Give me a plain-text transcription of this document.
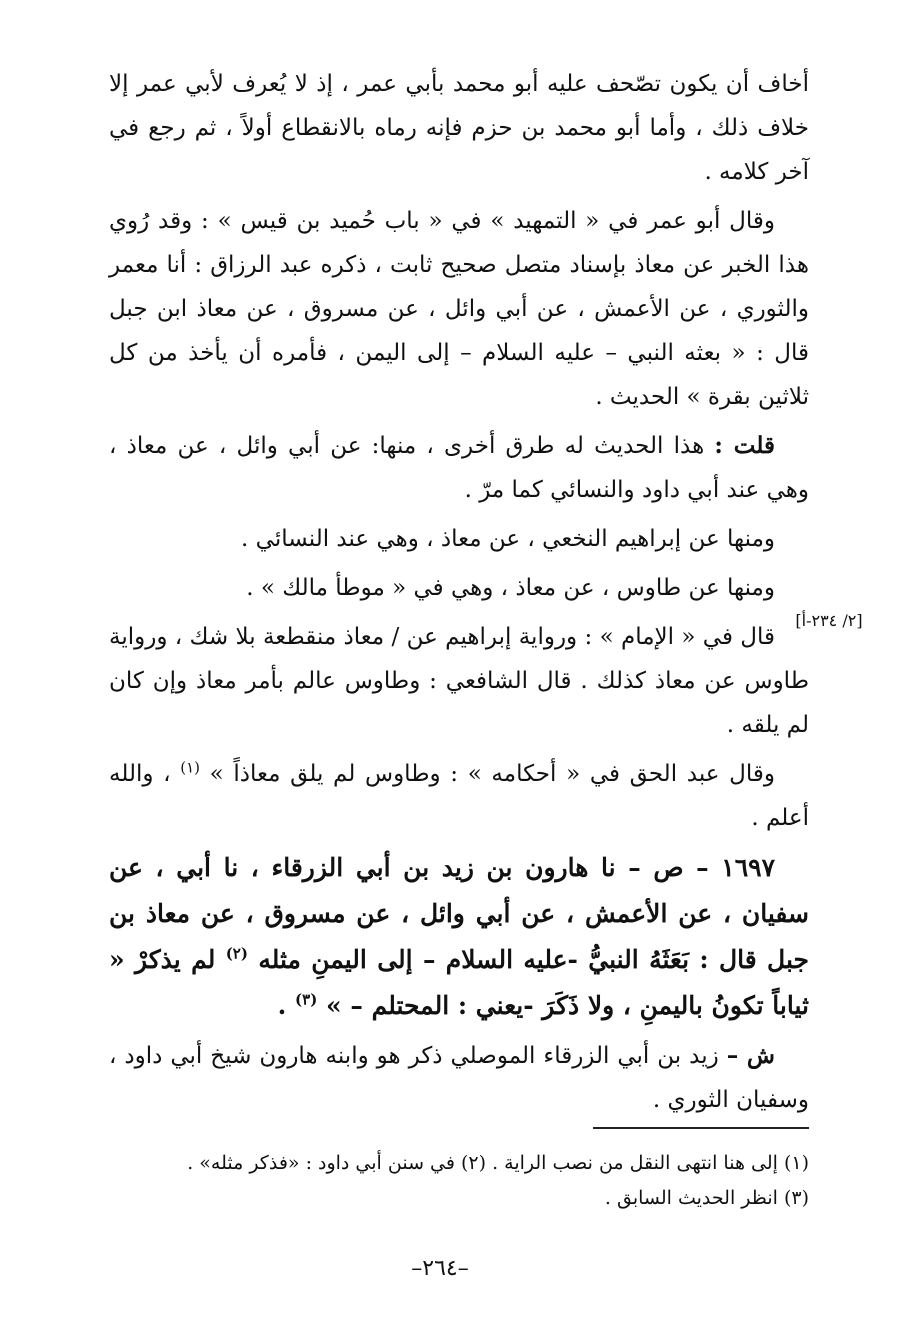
أخاف أن يكون تصّحف عليه أبو محمد بأبي عمر ، إذ لا يُعرف لأبي عمر إلا خلاف ذلك ، وأما أبو محمد بن حزم فإنه رماه بالانقطاع أولاً ، ثم رجع في آخر كلامه .

وقال أبو عمر في « التمهيد » في « باب حُميد بن قيس » : وقد رُوي هذا الخبر عن معاذ بإسناد متصل صحيح ثابت ، ذكره عبد الرزاق : أنا معمر والثوري ، عن الأعمش ، عن أبي وائل ، عن مسروق ، عن معاذ ابن جبل قال : « بعثه النبي – عليه السلام – إلى اليمن ، فأمره أن يأخذ من كل ثلاثين بقرة » الحديث .

قلت : هذا الحديث له طرق أخرى ، منها: عن أبي وائل ، عن معاذ ، وهي عند أبي داود والنسائي كما مرّ .

ومنها عن إبراهيم النخعي ، عن معاذ ، وهي عند النسائي .

ومنها عن طاوس ، عن معاذ ، وهي في « موطأ مالك » .

قال في « الإمام » : ورواية إبراهيم عن / معاذ منقطعة بلا شك ، ورواية طاوس عن معاذ كذلك . قال الشافعي : وطاوس عالم بأمر معاذ وإن كان لم يلقه .

وقال عبد الحق في « أحكامه » : وطاوس لم يلق معاذاً » $^{(١)}$ ، والله أعلم .

١٦٩٧ – ص – نا هارون بن زيد بن أبي الزرقاء ، نا أبي ، عن سفيان ، عن الأعمش ، عن أبي وائل ، عن مسروق ، عن معاذ بن جبل قال : بَعَثَهُ النبيُّ -عليه السلام – إلى اليمنِ مثله $^{(٢)}$ لم يذكرْ « ثياباً تكونُ باليمنِ ، ولا ذَكَرَ -يعني : المحتلم – » $^{(٣)}$ .

ش – زيد بن أبي الزرقاء الموصلي ذكر هو وابنه هارون شيخ أبي داود ، وسفيان الثوري .

[٢/ ٢٣٤-أ]
(١) إلى هنا انتهى النقل من نصب الراية . (٢) في سنن أبي داود : «فذكر مثله» .
(٣) انظر الحديث السابق .
–٢٦٤–
